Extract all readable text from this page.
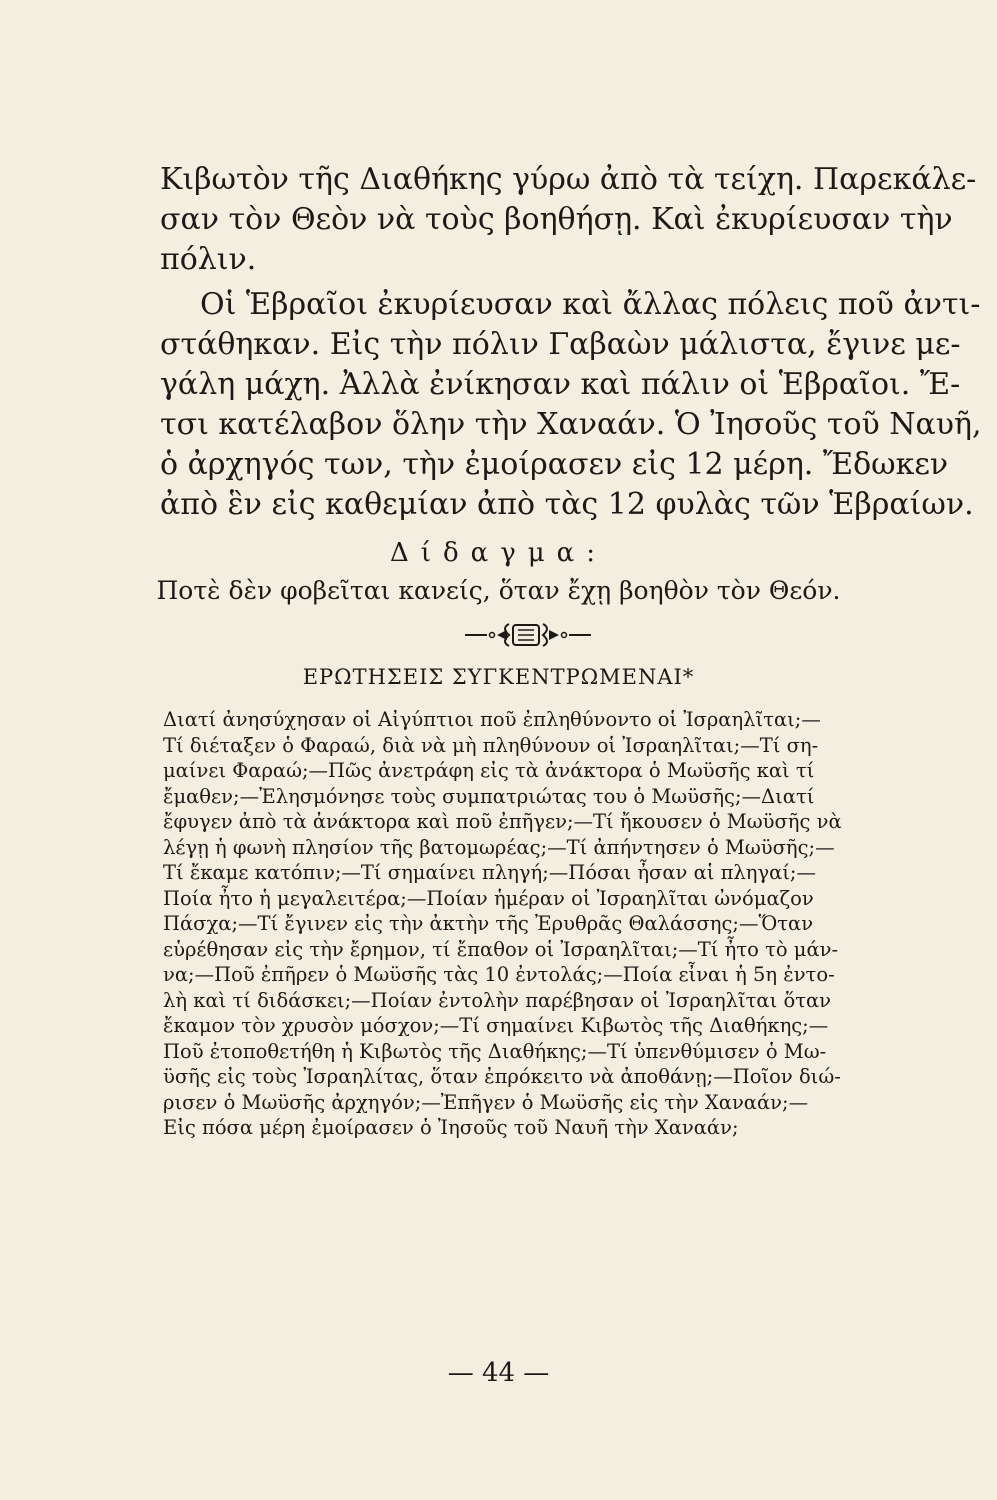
Κιβωτὸν τῆς Διαθήκης γύρω ἀπὸ τὰ τείχη. Παρεκάλε-
σαν τὸν Θεὸν νὰ τοὺς βοηθήσῃ. Καὶ ἐκυρίευσαν τὴν
πόλιν.
Οἱ Ἑβραῖοι ἐκυρίευσαν καὶ ἄλλας πόλεις ποῦ ἀντι-
στάθηκαν. Εἰς τὴν πόλιν Γαβαὼν μάλιστα, ἔγινε με-
γάλη μάχη. Ἀλλὰ ἐνίκησαν καὶ πάλιν οἱ Ἑβραῖοι. Ἔ-
τσι κατέλαβον ὅλην τὴν Χαναάν. Ὁ Ἰησοῦς τοῦ Ναυῆ,
ὁ ἀρχηγός των, τὴν ἐμοίρασεν εἰς 12 μέρη. Ἔδωκεν
ἀπὸ ἓν εἰς καθεμίαν ἀπὸ τὰς 12 φυλὰς τῶν Ἑβραίων.
Δίδαγμα:
Ποτὲ δὲν φοβεῖται κανείς, ὅταν ἔχῃ βοηθὸν τὸν Θεόν.
ΕΡΩΤΗΣΕΙΣ ΣΥΓΚΕΝΤΡΩΜΕΝΑΙ*
Διατί ἀνησύχησαν οἱ Αἰγύπτιοι ποῦ ἐπληθύνοντο οἱ Ἰσραηλῖται;—
Τί διέταξεν ὁ Φαραώ, διὰ νὰ μὴ πληθύνουν οἱ Ἰσραηλῖται;—Τί ση-
μαίνει Φαραώ;—Πῶς ἀνετράφη εἰς τὰ ἀνάκτορα ὁ Μωϋσῆς καὶ τί
ἔμαθεν;—Ἐλησμόνησε τοὺς συμπατριώτας του ὁ Μωϋσῆς;—Διατί
ἔφυγεν ἀπὸ τὰ ἀνάκτορα καὶ ποῦ ἐπῆγεν;—Τί ἤκουσεν ὁ Μωϋσῆς νὰ
λέγῃ ἡ φωνὴ πλησίον τῆς βατομωρέας;—Τί ἀπήντησεν ὁ Μωϋσῆς;—
Τί ἔκαμε κατόπιν;—Τί σημαίνει πληγή;—Πόσαι ἦσαν αἱ πληγαί;—
Ποία ἦτο ἡ μεγαλειτέρα;—Ποίαν ἡμέραν οἱ Ἰσραηλῖται ὠνόμαζον
Πάσχα;—Τί ἔγινεν εἰς τὴν ἀκτὴν τῆς Ἐρυθρᾶς Θαλάσσης;—Ὅταν
εὑρέθησαν εἰς τὴν ἔρημον, τί ἔπαθον οἱ Ἰσραηλῖται;—Τί ἦτο τὸ μάν-
να;—Ποῦ ἐπῆρεν ὁ Μωϋσῆς τὰς 10 ἐντολάς;—Ποία εἶναι ἡ 5η ἐντο-
λὴ καὶ τί διδάσκει;—Ποίαν ἐντολὴν παρέβησαν οἱ Ἰσραηλῖται ὅταν
ἔκαμον τὸν χρυσὸν μόσχον;—Τί σημαίνει Κιβωτὸς τῆς Διαθήκης;—
Ποῦ ἐτοποθετήθη ἡ Κιβωτὸς τῆς Διαθήκης;—Τί ὑπενθύμισεν ὁ Μω-
ϋσῆς εἰς τοὺς Ἰσραηλίτας, ὅταν ἐπρόκειτο νὰ ἀποθάνῃ;—Ποῖον διώ-
ρισεν ὁ Μωϋσῆς ἀρχηγόν;—Ἐπῆγεν ὁ Μωϋσῆς εἰς τὴν Χαναάν;—
Εἰς πόσα μέρη ἐμοίρασεν ὁ Ἰησοῦς τοῦ Ναυῆ τὴν Χαναάν;
— 44 —
